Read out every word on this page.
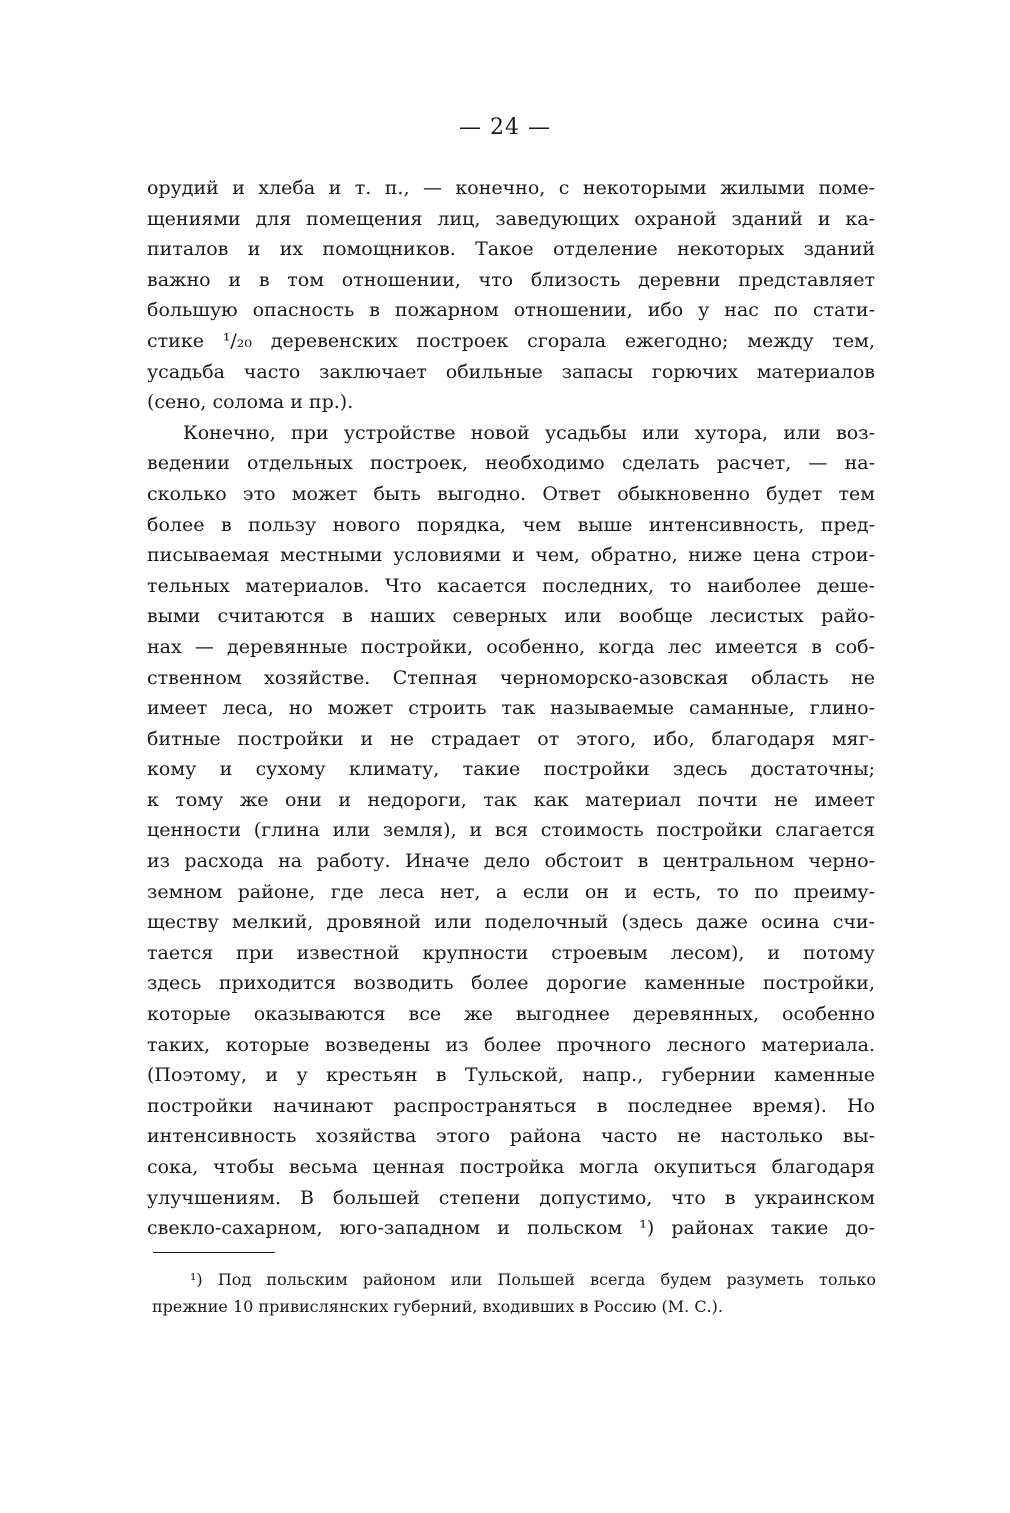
— 24 —
орудий и хлеба и т. п., — конечно, с некоторыми жилыми поме-
щениями для помещения лиц, заведующих охраной зданий и ка-
питалов и их помощников. Такое отделение некоторых зданий
важно и в том отношении, что близость деревни представляет
большую опасность в пожарном отношении, ибо у нас по стати-
стике ¹/₂₀ деревенских построек сгорала ежегодно; между тем,
усадьба часто заключает обильные запасы горючих материалов
(сено, солома и пр.).
Конечно, при устройстве новой усадьбы или хутора, или воз-
ведении отдельных построек, необходимо сделать расчет, — на-
сколько это может быть выгодно. Ответ обыкновенно будет тем
более в пользу нового порядка, чем выше интенсивность, пред-
писываемая местными условиями и чем, обратно, ниже цена строи-
тельных материалов. Что касается последних, то наиболее деше-
выми считаются в наших северных или вообще лесистых райо-
нах — деревянные постройки, особенно, когда лес имеется в соб-
ственном хозяйстве. Степная черноморско-азовская область не
имеет леса, но может строить так называемые саманные, глино-
битные постройки и не страдает от этого, ибо, благодаря мяг-
кому и сухому климату, такие постройки здесь достаточны;
к тому же они и недороги, так как материал почти не имеет
ценности (глина или земля), и вся стоимость постройки слагается
из расхода на работу. Иначе дело обстоит в центральном черно-
земном районе, где леса нет, а если он и есть, то по преиму-
ществу мелкий, дровяной или поделочный (здесь даже осина счи-
тается при известной крупности строевым лесом), и потому
здесь приходится возводить более дорогие каменные постройки,
которые оказываются все же выгоднее деревянных, особенно
таких, которые возведены из более прочного лесного материала.
(Поэтому, и у крестьян в Тульской, напр., губернии каменные
постройки начинают распространяться в последнее время). Но
интенсивность хозяйства этого района часто не настолько вы-
сока, чтобы весьма ценная постройка могла окупиться благодаря
улучшениям. В большей степени допустимо, что в украинском
свекло-сахарном, юго-западном и польском ¹) районах такие до-
¹) Под польским районом или Польшей всегда будем разуметь только
прежние 10 привислянских губерний, входивших в Россию (М. С.).
